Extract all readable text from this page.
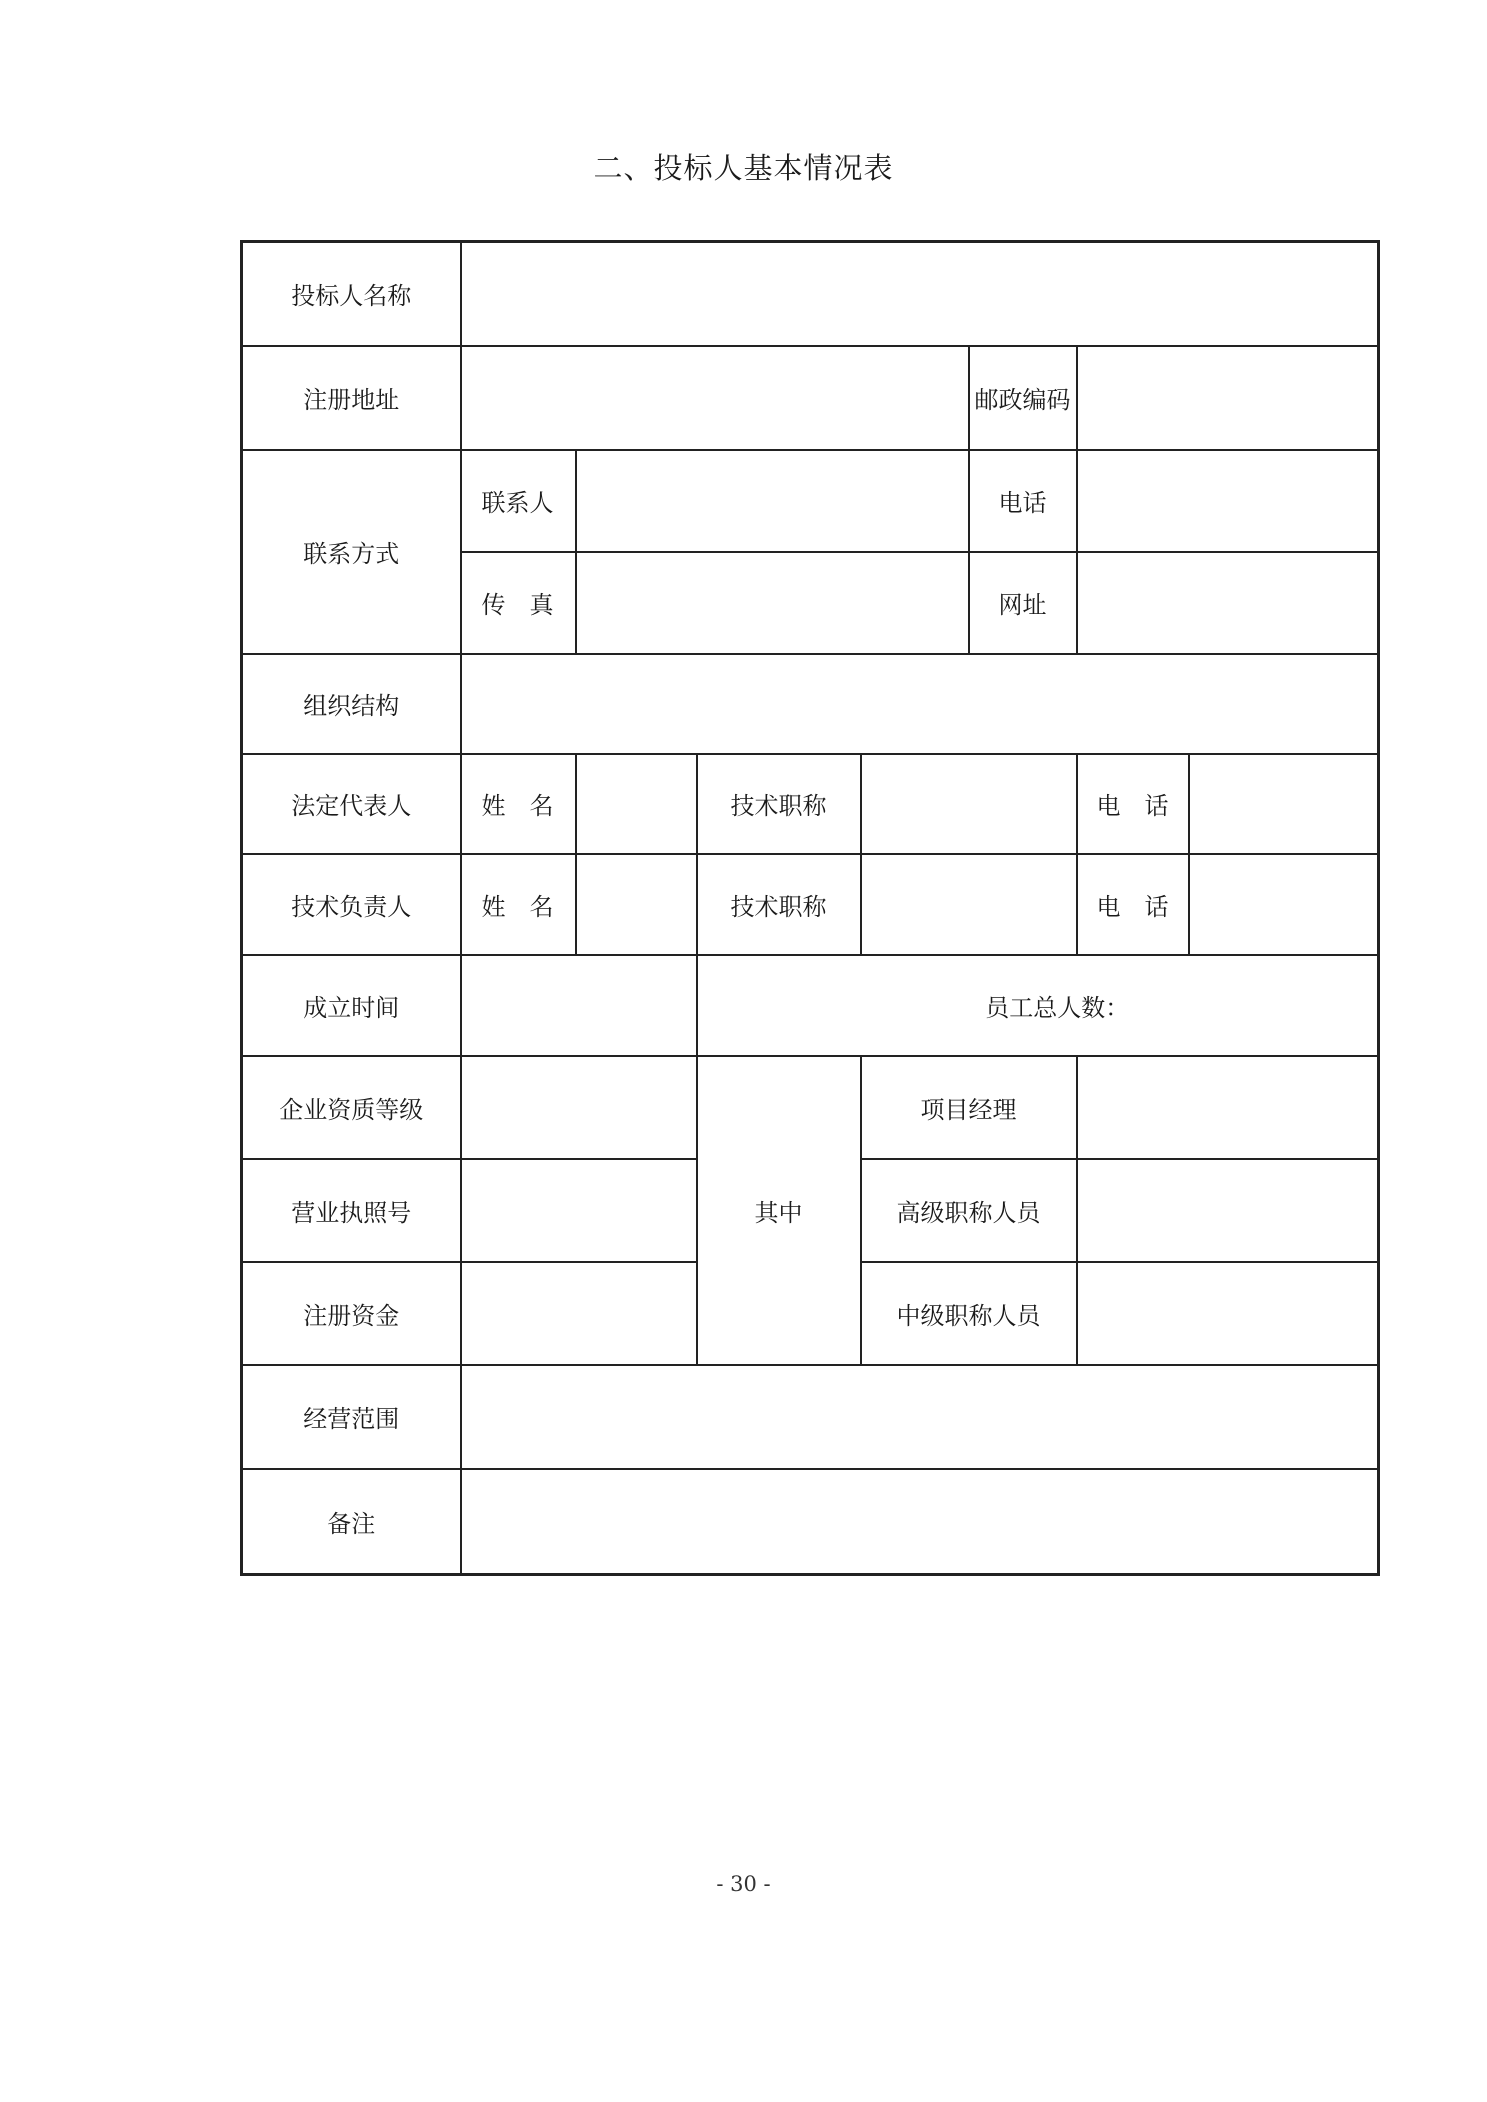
二、投标人基本情况表
投标人名称							
注册地址					邮政编码		
联系方式	联系人				电话		
	传　真				网址		
组织结构							
法定代表人	姓　名		技术职称			电　话	
技术负责人	姓　名		技术职称			电　话	
成立时间			员工总人数：				
企业资质等级			其中	项目经理			
营业执照号				高级职称人员			
注册资金				中级职称人员			
经营范围							
备注							
- 30 -
